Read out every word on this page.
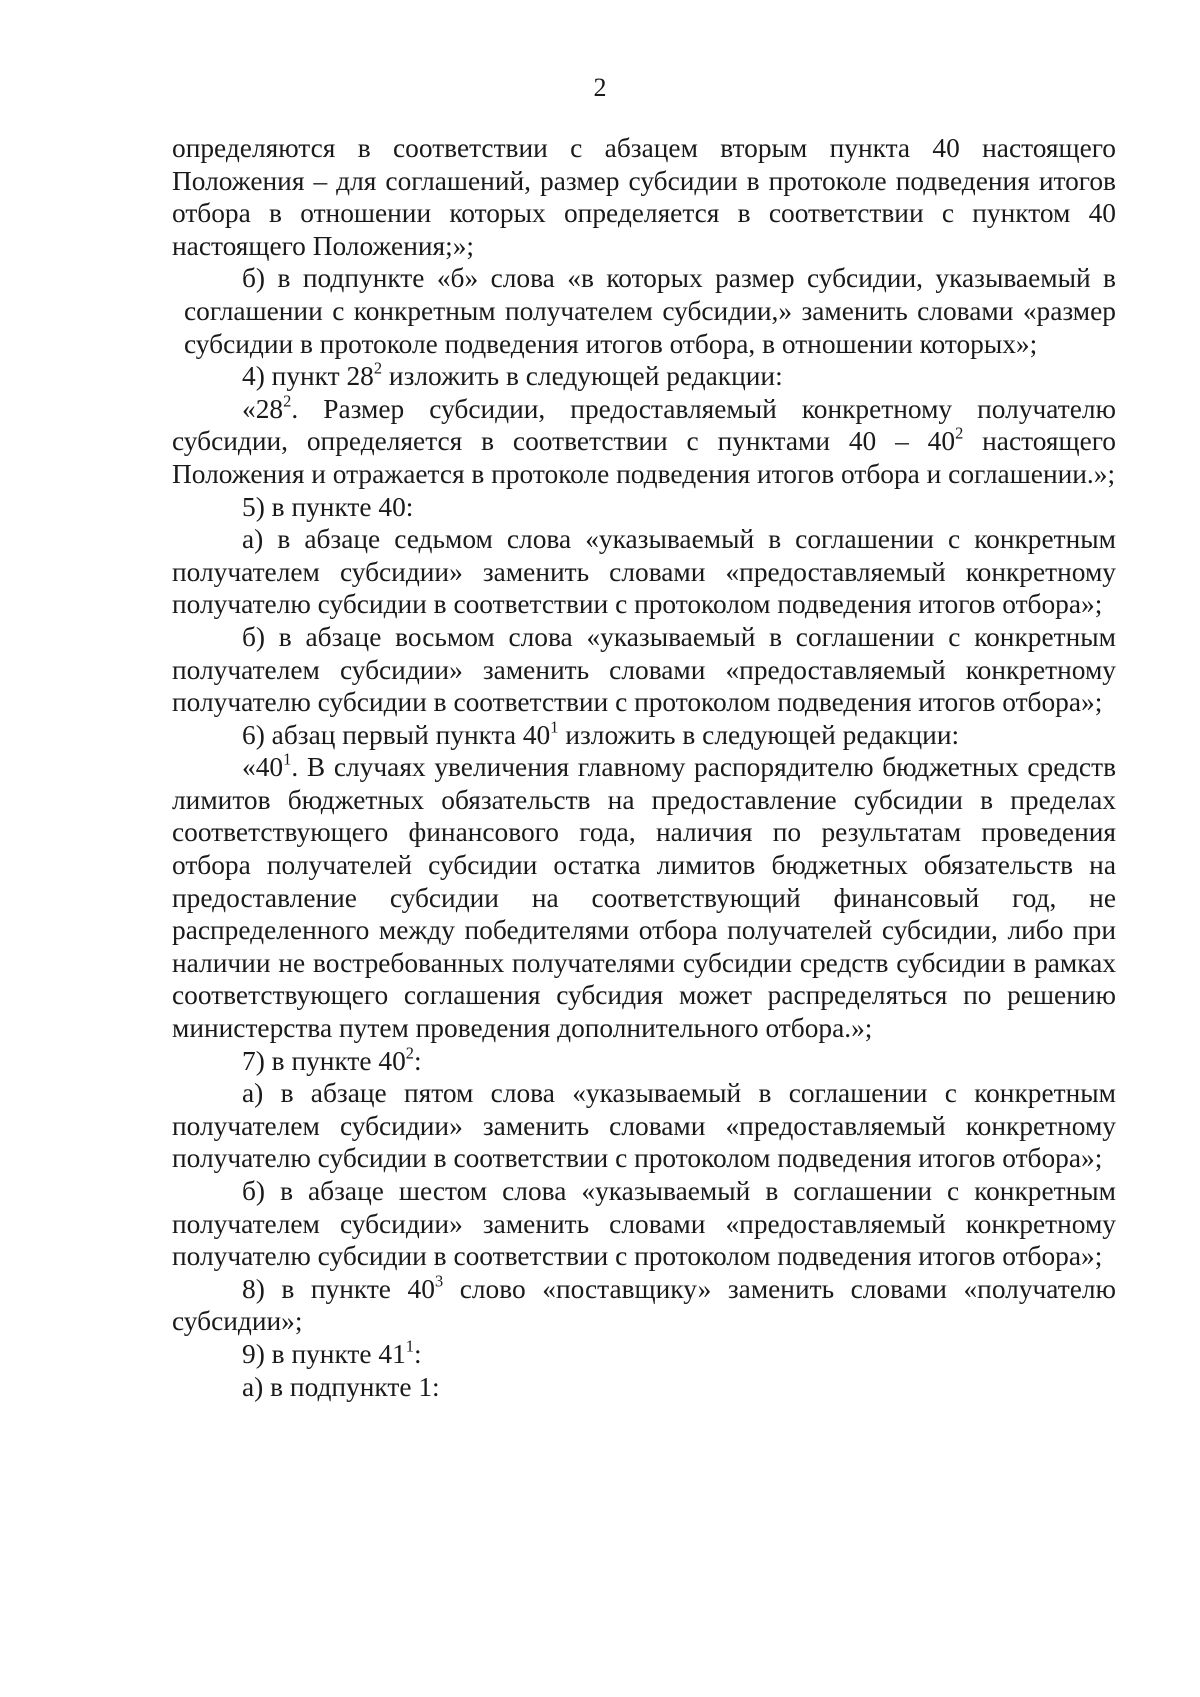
2

определяются в соответствии с абзацем вторым пункта 40 настоящего Положения – для соглашений, размер субсидии в протоколе подведения итогов отбора в отношении которых определяется в соответствии с пунктом 40 настоящего Положения;»;

б) в подпункте «б» слова «в которых размер субсидии, указываемый в соглашении с конкретным получателем субсидии,» заменить словами «размер субсидии в протоколе подведения итогов отбора, в отношении которых»;

4) пункт $28^2$ изложить в следующей редакции:

«$28^2$. Размер субсидии, предоставляемый конкретному получателю субсидии, определяется в соответствии с пунктами $40 - 40^2$ настоящего Положения и отражается в протоколе подведения итогов отбора и соглашении.»;

5) в пункте 40:

а) в абзаце седьмом слова «указываемый в соглашении с конкретным получателем субсидии» заменить словами «предоставляемый конкретному получателю субсидии в соответствии с протоколом подведения итогов отбора»;

б) в абзаце восьмом слова «указываемый в соглашении с конкретным получателем субсидии» заменить словами «предоставляемый конкретному получателю субсидии в соответствии с протоколом подведения итогов отбора»;

6) абзац первый пункта $40^1$ изложить в следующей редакции:

«$40^1$. В случаях увеличения главному распорядителю бюджетных средств лимитов бюджетных обязательств на предоставление субсидии в пределах соответствующего финансового года, наличия по результатам проведения отбора получателей субсидии остатка лимитов бюджетных обязательств на предоставление субсидии на соответствующий финансовый год, не распределенного между победителями отбора получателей субсидии, либо при наличии не востребованных получателями субсидии средств субсидии в рамках соответствующего соглашения субсидия может распределяться по решению министерства путем проведения дополнительного отбора.»;

7) в пункте $40^2$:

а) в абзаце пятом слова «указываемый в соглашении с конкретным получателем субсидии» заменить словами «предоставляемый конкретному получателю субсидии в соответствии с протоколом подведения итогов отбора»;

б) в абзаце шестом слова «указываемый в соглашении с конкретным получателем субсидии» заменить словами «предоставляемый конкретному получателю субсидии в соответствии с протоколом подведения итогов отбора»;

8) в пункте $40^3$ слово «поставщику» заменить словами «получателю субсидии»;

9) в пункте $41^1$:

а) в подпункте 1:
